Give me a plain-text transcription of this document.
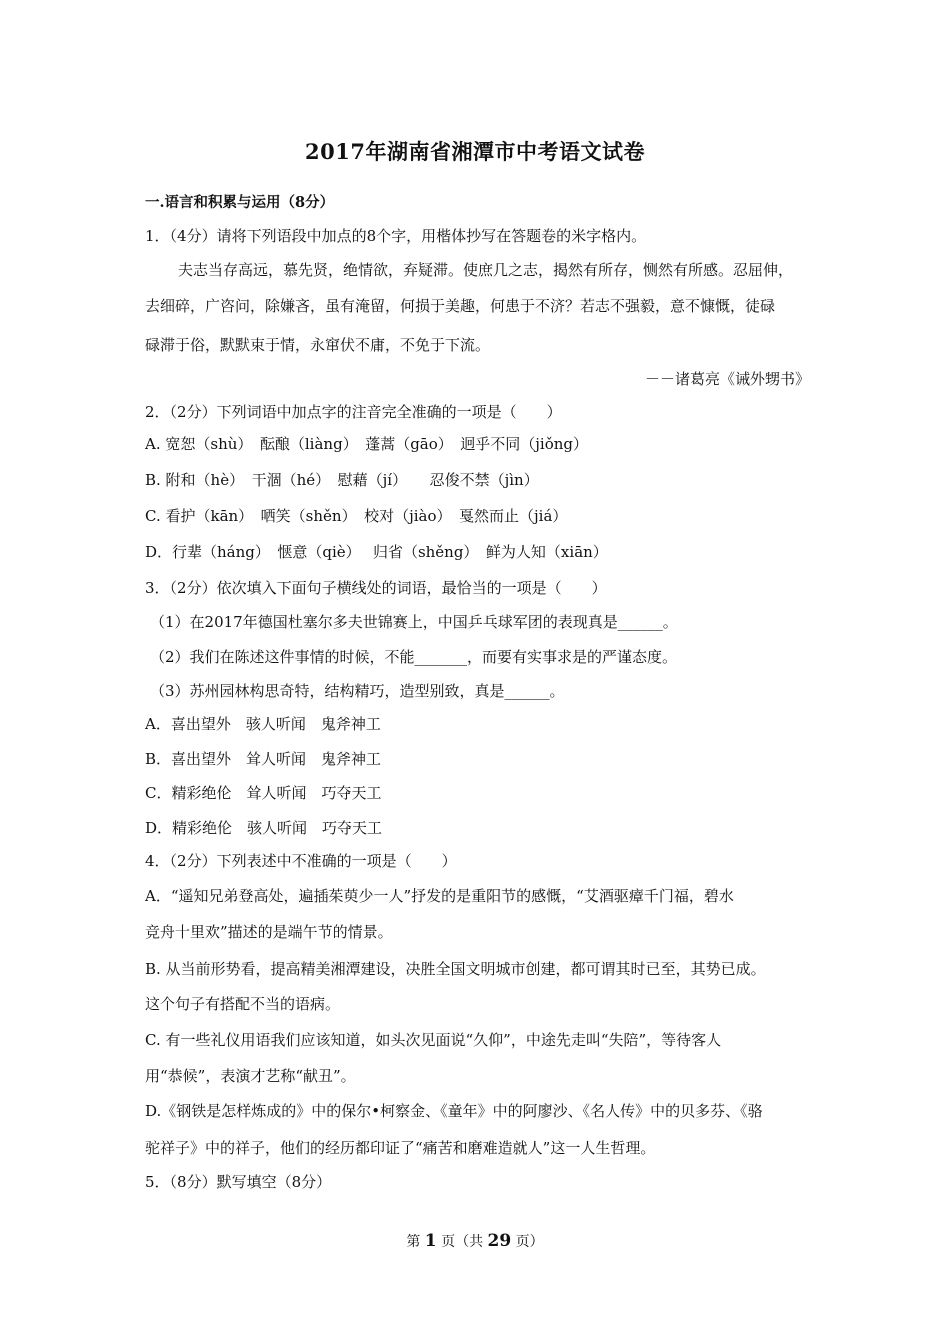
2017年湖南省湘潭市中考语文试卷
一.语言和积累与运用（8分）
1．（4分）请将下列语段中加点的8个字，用楷体抄写在答题卷的米字格内。
夫志当存高远，慕先贤，绝情欲，弃疑滞。使庶几之志，揭然有所存，恻然有所感。忍屈伸，
去细碎，广咨问，除嫌吝，虽有淹留，何损于美趣，何患于不济？若志不强毅，意不慷慨，徒碌
碌滞于俗，默默束于情，永窜伏不庸，不免于下流。
－－诸葛亮《诫外甥书》
2．（2分）下列词语中加点字的注音完全准确的一项是（　　）
A. 宽恕（shù）　酝酿（liàng）　蓬蒿（gāo）　迥乎不同（jiǒng）
B. 附和（hè）　干涸（hé）　慰藉（jí）　　忍俊不禁（jìn）
C. 看护（kān）　哂笑（shěn）　校对（jiào）　戛然而止（jiá）
D．行辈（háng）　惬意（qiè）　 归省（shěng）　鲜为人知（xiān）
3．（2分）依次填入下面句子横线处的词语，最恰当的一项是（　　）
（1）在2017年德国杜塞尔多夫世锦赛上，中国乒乓球军团的表现真是______。
（2）我们在陈述这件事情的时候，不能_______，而要有实事求是的严谨态度。
（3）苏州园林构思奇特，结构精巧，造型别致，真是______。
A．喜出望外　骇人听闻　鬼斧神工
B．喜出望外　耸人听闻　鬼斧神工
C．精彩绝伦　耸人听闻　巧夺天工
D．精彩绝伦　骇人听闻　巧夺天工
4．（2分）下列表述中不准确的一项是（　　）
A．“遥知兄弟登高处，遍插茱萸少一人”抒发的是重阳节的感慨，“艾酒驱瘴千门福，碧水
竞舟十里欢”描述的是端午节的情景。
B. 从当前形势看，提高精美湘潭建设，决胜全国文明城市创建，都可谓其时已至，其势已成。
这个句子有搭配不当的语病。
C. 有一些礼仪用语我们应该知道，如头次见面说“久仰”，中途先走叫“失陪”，等待客人
用“恭候”，表演才艺称“献丑”。
D.《钢铁是怎样炼成的》中的保尔•柯察金、《童年》中的阿廖沙、《名人传》中的贝多芬、《骆
驼祥子》中的祥子，他们的经历都印证了“痛苦和磨难造就人”这一人生哲理。
5．（8分）默写填空（8分）
第 1 页（共 29 页）
